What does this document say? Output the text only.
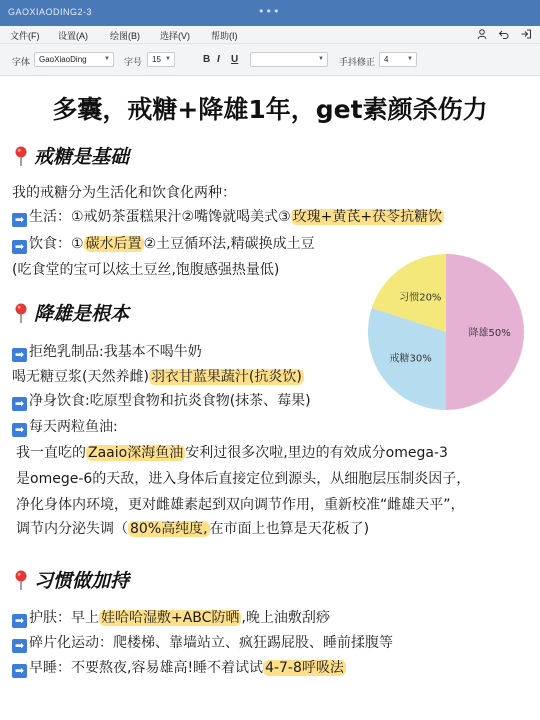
GAOXIAODING2-3	•••
文件(F) 设置(A) 绘图(B) 选择(V) 帮助(I)
字体	GaoXiaoDing	▼ 字号	15 ▼	B I U	▼ 手抖修正	4	▼
多囊，戒糖+降雄1年，get素颜杀伤力
戒糖是基础
我的戒糖分为生活化和饮食化两种：
➡ 生活：①戒奶茶蛋糕果汁②嘴馋就喝美式③ 玫瑰+黄芪+茯苓抗糖饮
➡ 饮食：① 碳水后置 ②土豆循环法,精碳换成土豆
(吃食堂的宝可以炫土豆丝,饱腹感强热量低)
降雄50%
戒糖30%
习惯20%
降雄是根本
➡ 拒绝乳制品:我基本不喝牛奶
喝无糖豆浆(天然养雌) 羽衣甘蓝果蔬汁(抗炎饮)
➡ 净身饮食:吃原型食物和抗炎食物(抹茶、莓果)
➡ 每天两粒鱼油:
我一直吃的 Zaaio深海鱼油 安利过很多次啦,里边的有效成分omega-3
是omege-6的天敌，进入身体后直接定位到源头，从细胞层压制炎因子，
净化身体内环境，更对雌雄素起到双向调节作用，重新校准“雌雄天平”，
调节内分泌失调（ 80%高纯度, 在市面上也算是天花板了)
习惯做加持
➡ 护肤：早上 娃哈哈湿敷+ABC防晒 ,晚上油敷刮痧
➡ 碎片化运动：爬楼梯、靠墙站立、疯狂踢屁股、睡前揉腹等
➡ 早睡：不要熬夜,容易雄高!睡不着试试 4-7-8呼吸法
